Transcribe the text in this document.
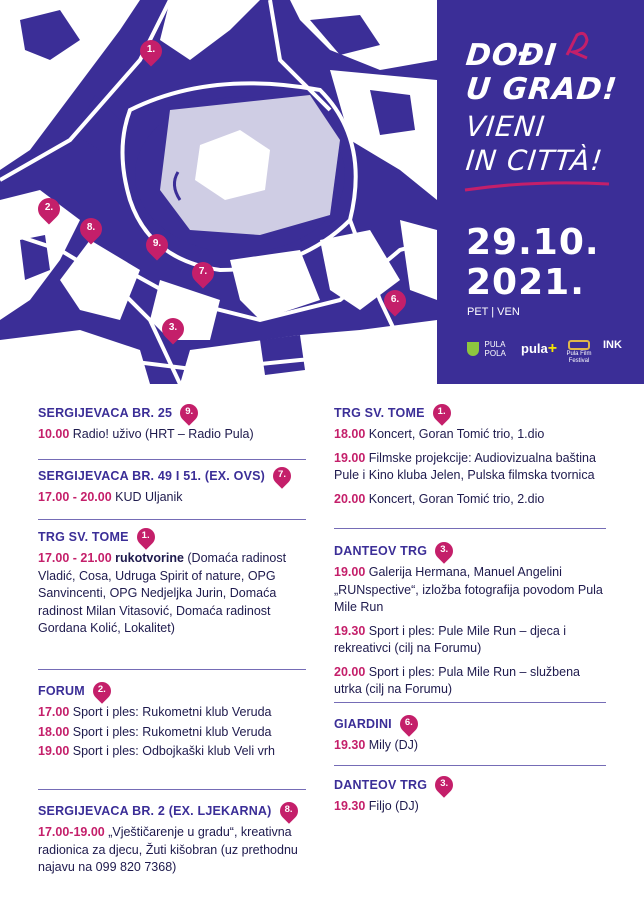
1.
2.
8.
9.
7.
3.
6.
DOĐI
U GRAD!
VIENI
IN CITTÀ!
29.10.
2021.
PET | VEN
PULA POLA	pula+	Pula Film Festival
INK
SERGIJEVACA BR. 25	9.
10.00 Radio! uživo (HRT – Radio Pula)
SERGIJEVACA BR. 49 I 51. (EX. OVS)	7.
17.00 - 20.00 KUD Uljanik
TRG SV. TOME	1.
17.00 - 21.00 rukotvorine (Domaća radinost Vladić, Cosa, Udruga Spirit of nature, OPG Sanvincenti, OPG Nedjeljka Jurin, Domaća radinost Milan Vitasović, Domaća radinost Gordana Kolić, Lokalitet)
FORUM	2.
17.00 Sport i ples: Rukometni klub Veruda
18.00 Sport i ples: Rukometni klub Veruda
19.00 Sport i ples: Odbojkaški klub Veli vrh
SERGIJEVACA BR. 2 (EX. LJEKARNA)	8.
17.00-19.00 „Vještičarenje u gradu“, kreativna radionica za djecu, Žuti kišobran (uz prethodnu najavu na 099 820 7368)
TRG SV. TOME	1.
18.00 Koncert, Goran Tomić trio, 1.dio
19.00 Filmske projekcije: Audiovizualna baština Pule i Kino kluba Jelen, Pulska filmska tvornica
20.00 Koncert, Goran Tomić trio, 2.dio
DANTEOV TRG	3.
19.00 Galerija Hermana, Manuel Angelini „RUNspective“, izložba fotografija povodom Pula Mile Run
19.30 Sport i ples: Pule Mile Run – djeca i rekreativci (cilj na Forumu)
20.00 Sport i ples: Pula Mile Run – službena utrka (cilj na Forumu)
GIARDINI	6.
19.30 Mily (DJ)
DANTEOV TRG	3.
19.30 Filjo (DJ)
